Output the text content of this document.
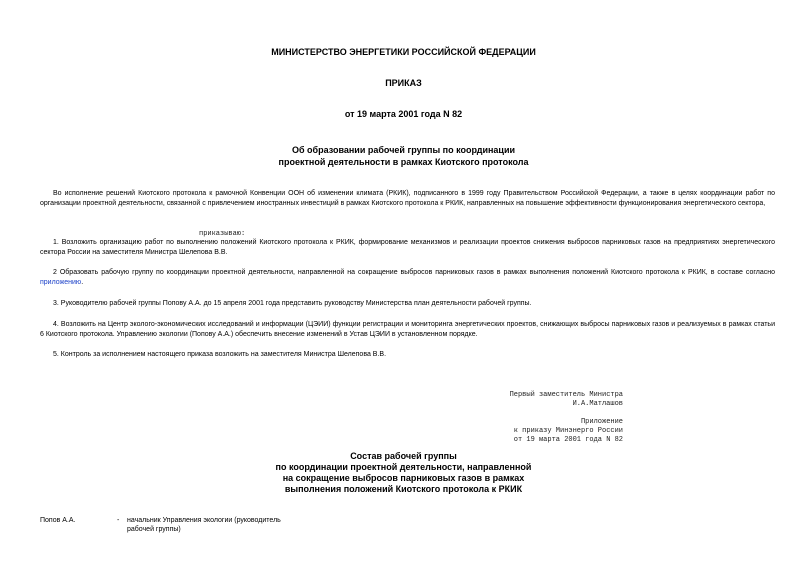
МИНИСТЕРСТВО ЭНЕРГЕТИКИ РОССИЙСКОЙ ФЕДЕРАЦИИ
ПРИКАЗ
от 19 марта 2001 года N 82
Об образовании рабочей группы по координации
проектной деятельности в рамках Киотского протокола
Во исполнение решений Киотского протокола к рамочной Конвенции ООН об изменении климата (РКИК), подписанного в 1999 году Правительством Российской Федерации, а также в целях координации работ по организации проектной деятельности, связанной с привлечением иностранных инвестиций в рамках Киотского протокола к РКИК, направленных на повышение эффективности функционирования энергетического сектора,
приказываю:
1. Возложить организацию работ по выполнению положений Киотского протокола к РКИК, формирование механизмов и реализации проектов снижения выбросов парниковых газов на предприятиях энергетического сектора России на заместителя Министра Шелепова В.В.
2 Образовать рабочую группу по координации проектной деятельности, направленной на сокращение выбросов парниковых газов в рамках выполнения положений Киотского протокола к РКИК, в составе согласно приложению.
3. Руководителю рабочей группы Попову А.А. до 15 апреля 2001 года представить руководству Министерства план деятельности рабочей группы.
4. Возложить на Центр эколого-экономических исследований и информации (ЦЭИИ) функции регистрации и мониторинга энергетических проектов, снижающих выбросы парниковых газов и реализуемых в рамках статьи 6 Киотского протокола. Управлению экологии (Попову А.А.) обеспечить внесение изменений в Устав ЦЭИИ в установленном порядке.
5. Контроль за исполнением настоящего приказа возложить на заместителя Министра Шелепова В.В.
Первый заместитель Министра
И.А.Матлашов
Приложение
к приказу Минэнерго России
от 19 марта 2001 года N 82
Состав рабочей группы
по координации проектной деятельности, направленной
на сокращение выбросов парниковых газов в рамках
выполнения положений Киотского протокола к РКИК
Попов А.А.	- начальник Управления экологии (руководитель
рабочей группы)
